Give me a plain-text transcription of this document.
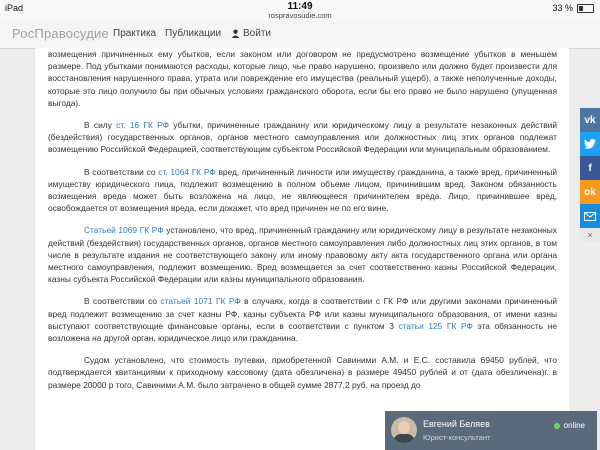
iPad	11:49
rospravosudie.com
33 %
РосПравосудие Практика Публикации Войти

возмещения причиненных ему убытков, если законом или договором не предусмотрено возмещение убытков в меньшем размере. Под убытками понимаются расходы, которые лицо, чье право нарушено, произвело или должно будет произвести для восстановления нарушенного права, утрата или повреждение его имущества (реальный ущерб), а также неполученные доходы, которые это лицо получило бы при обычных условиях гражданского оборота, если бы его право не было нарушено (упущенная выгода).

В силу ст. 16 ГК РФ убытки, причиненные гражданину или юридическому лицу в результате незаконных действий (бездействия) государственных органов, органов местного самоуправления или должностных лиц этих органов подлежат возмещению Российской Федерацией, соответствующим субъектом Российской Федерации или муниципальным образованием.

В соответствии со ст. 1064 ГК РФ вред, причиненный личности или имуществу гражданина, а также вред, причиненный имуществу юридического лица, подлежит возмещению в полном объеме лицом, причинившим вред. Законом обязанность возмещения вреда может быть возложена на лицо, не являющееся причинителем вреда. Лицо, причинившее вред, освобождается от возмещения вреда, если докажет, что вред причинен не по его вине.

Статьей 1069 ГК РФ установлено, что вред, причиненный гражданину или юридическому лицу в результате незаконных действий (бездействия) государственных органов, органов местного самоуправления либо должностных лиц этих органов, в том числе в результате издания не соответствующего закону или иному правовому акту акта государственного органа или органа местного самоуправления, подлежит возмещению. Вред возмещается за счет соответственно казны Российской Федерации, казны субъекта Российской Федерации или казны муниципального образования.

В соответствии со статьей 1071 ГК РФ в случаях, когда в соответствии с ГК РФ или другими законами причиненный вред подлежит возмещению за счет казны РФ, казны субъекта РФ или казны муниципального образования, от имени казны выступают соответствующие финансовые органы, если в соответствии с пунктом 3 статьи 125 ГК РФ эта обязанность не возложена на другой орган, юридическое лицо или гражданина.

Судом установлено, что стоимость путевки, приобретенной Савиними А.М. и Е.С. составила 69450 рублей, что подтверждается квитанциями к приходному кассовому (дата обезличена) в размере 49450 рублей и от (дата обезличена)г. в размере 20000 р того, Савиними А.М. было затрачено в общей сумме 2877,2 руб. на проезд до

vk
f
ok
×
Евгений Беляев
Юрист-консультант
online
